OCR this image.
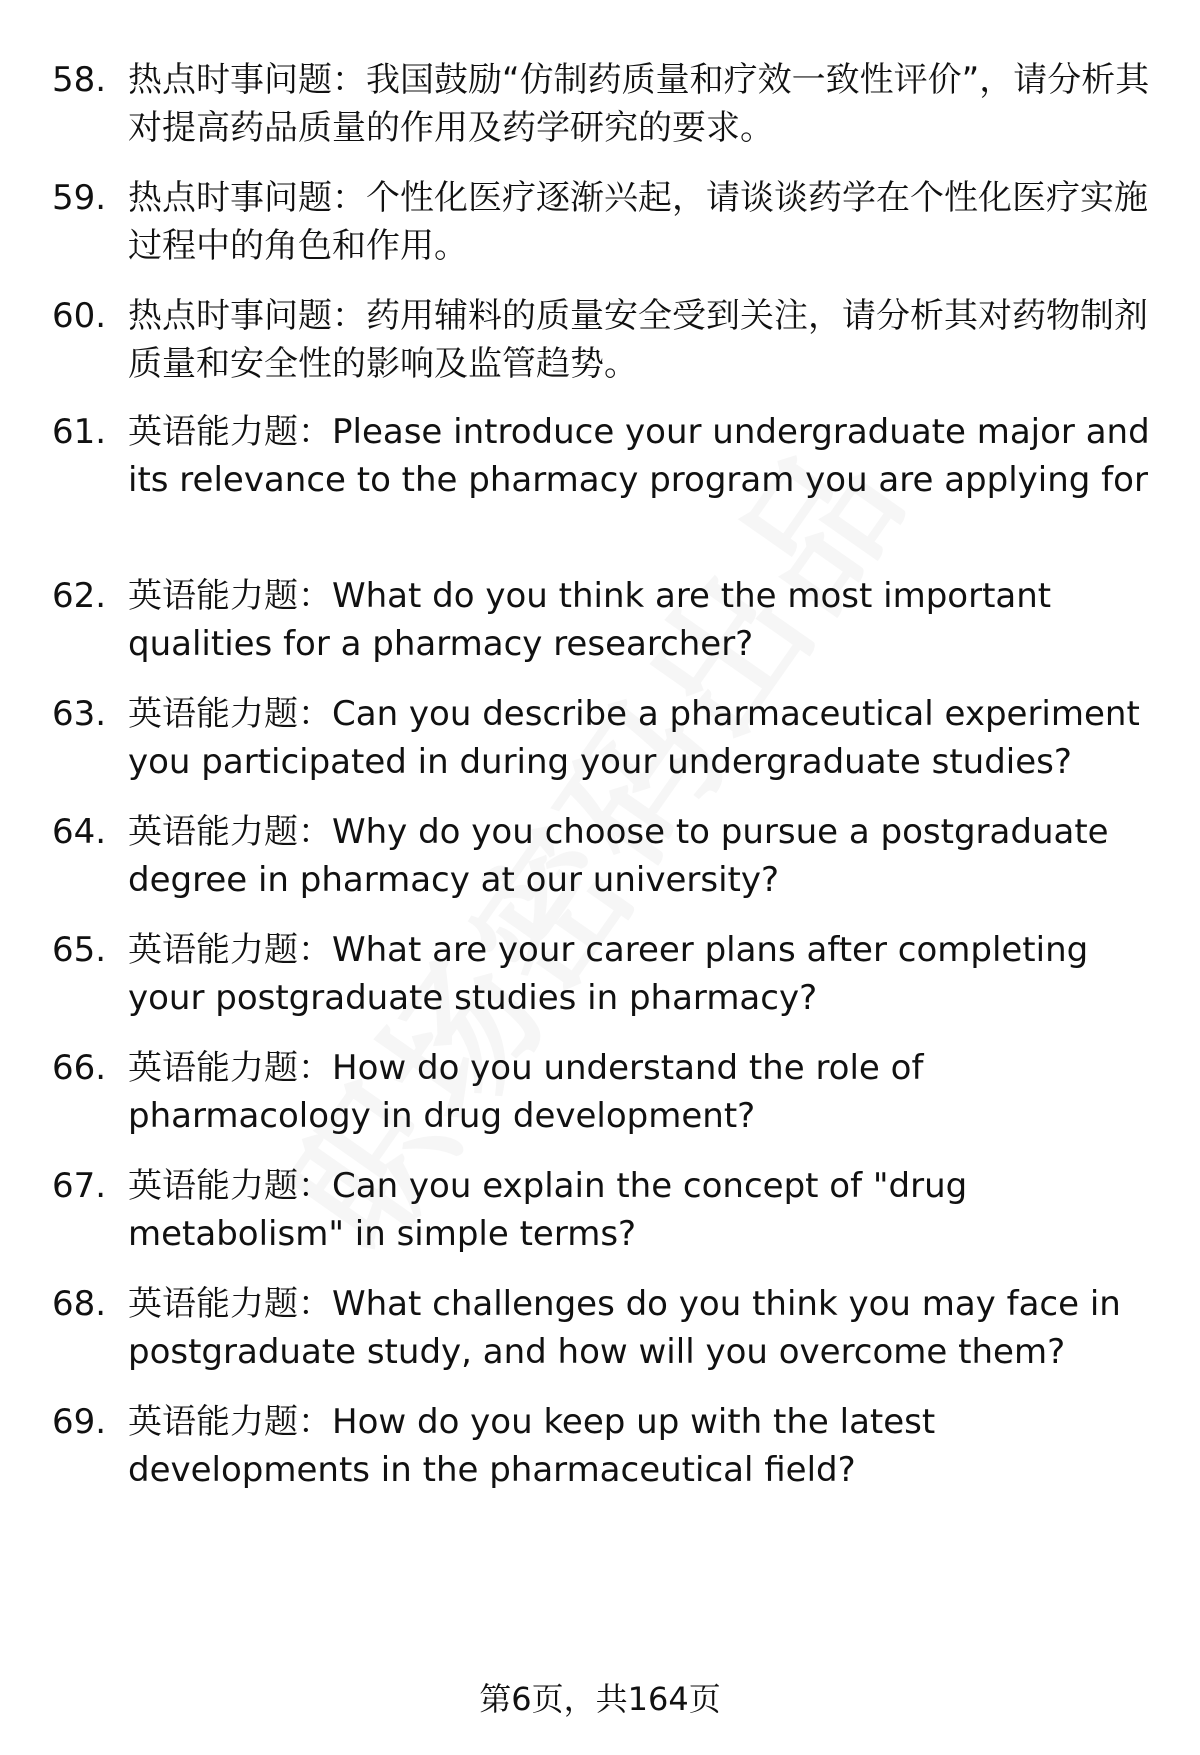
58. 热点时事问题：我国鼓励“仿制药质量和疗效一致性评价”，请分析其对提高药品质量的作用及药学研究的要求。
59. 热点时事问题：个性化医疗逐渐兴起，请谈谈药学在个性化医疗实施过程中的角色和作用。
60. 热点时事问题：药用辅料的质量安全受到关注，请分析其对药物制剂质量和安全性的影响及监管趋势。
61. 英语能力题：Please introduce your undergraduate major and its relevance to the pharmacy program you are applying for
62. 英语能力题：What do you think are the most important qualities for a pharmacy researcher?
63. 英语能力题：Can you describe a pharmaceutical experiment you participated in during your undergraduate studies?
64. 英语能力题：Why do you choose to pursue a postgraduate degree in pharmacy at our university?
65. 英语能力题：What are your career plans after completing your postgraduate studies in pharmacy?
66. 英语能力题：How do you understand the role of pharmacology in drug development?
67. 英语能力题：Can you explain the concept of "drug metabolism" in simple terms?
68. 英语能力题：What challenges do you think you may face in postgraduate study, and how will you overcome them?
69. 英语能力题：How do you keep up with the latest developments in the pharmaceutical field?
第6页，共164页
